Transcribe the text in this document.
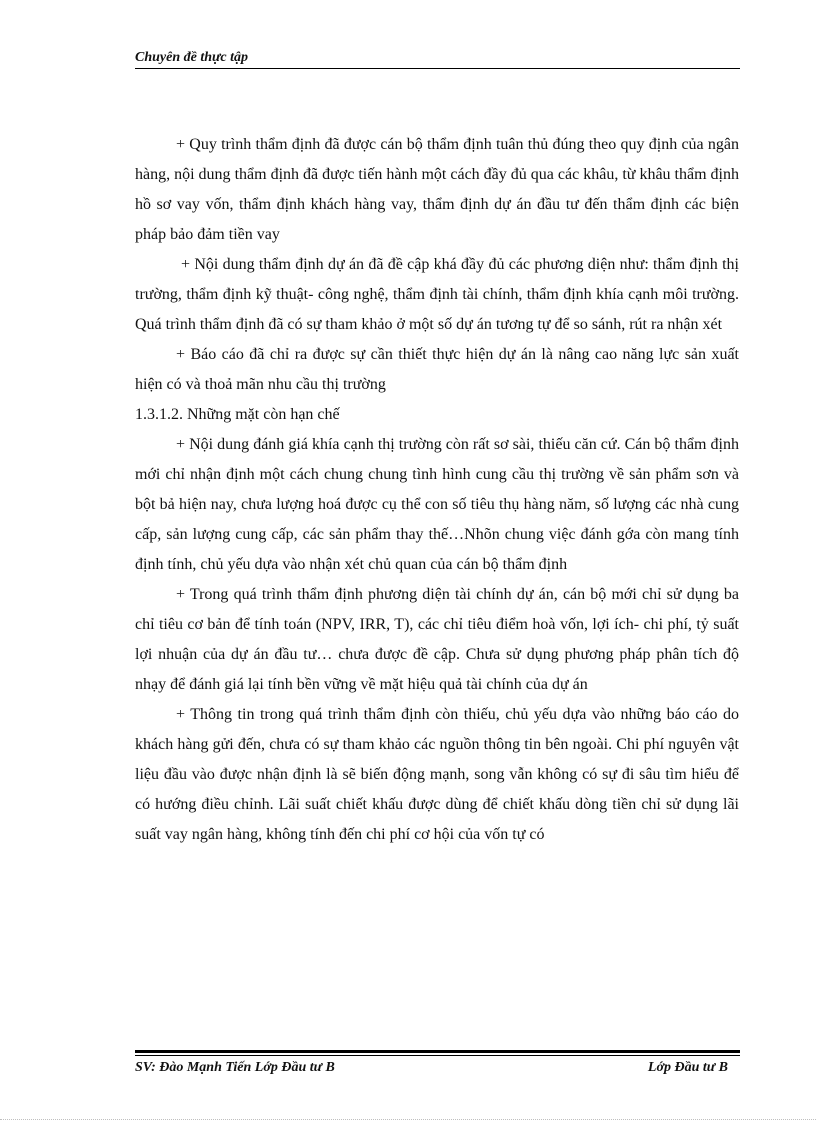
Chuyên đề thực tập

+ Quy trình thẩm định đã được cán bộ thẩm định tuân thủ đúng theo quy định của ngân hàng, nội dung thẩm định đã được tiến hành một cách đầy đủ qua các khâu, từ khâu thẩm định hồ sơ vay vốn, thẩm định khách hàng vay, thẩm định dự án đầu tư đến thẩm định các biện pháp bảo đảm tiền vay

+ Nội dung thẩm định dự án đã đề cập khá đầy đủ các phương diện như: thẩm định thị trường, thẩm định kỹ thuật- công nghệ, thẩm định tài chính, thẩm định khía cạnh môi trường. Quá trình thẩm định đã có sự tham khảo ở một số dự án tương tự để so sánh, rút ra nhận xét

+ Báo cáo đã chỉ ra được sự cần thiết thực hiện dự án là nâng cao năng lực sản xuất hiện có và thoả mãn nhu cầu thị trường

1.3.1.2. Những mặt còn hạn chế

+ Nội dung đánh giá khía cạnh thị trường còn rất sơ sài, thiếu căn cứ. Cán bộ thẩm định mới chỉ nhận định một cách chung chung tình hình cung cầu thị trường về sản phẩm sơn và bột bả hiện nay, chưa lượng hoá được cụ thể con số tiêu thụ hàng năm, số lượng các nhà cung cấp, sản lượng cung cấp, các sản phẩm thay thế…Nhõn chung việc đánh gớa còn mang tính định tính, chủ yếu dựa vào nhận xét chủ quan của cán bộ thẩm định

+ Trong quá trình thẩm định phương diện tài chính dự án, cán bộ mới chỉ sử dụng ba chỉ tiêu cơ bản để tính toán (NPV, IRR, T), các chỉ tiêu điểm hoà vốn, lợi ích- chi phí, tỷ suất lợi nhuận của dự án đầu tư… chưa được đề cập. Chưa sử dụng phương pháp phân tích độ nhạy để đánh giá lại tính bền vững về mặt hiệu quả tài chính của dự án

+ Thông tin trong quá trình thẩm định còn thiếu, chủ yếu dựa vào những báo cáo do khách hàng gửi đến, chưa có sự tham khảo các nguồn thông tin bên ngoài. Chi phí nguyên vật liệu đầu vào được nhận định là sẽ biến động mạnh, song vẫn không có sự đi sâu tìm hiểu để có hướng điều chỉnh. Lãi suất chiết khấu được dùng để chiết khấu dòng tiền chỉ sử dụng lãi suất vay ngân hàng, không tính đến chi phí cơ hội của vốn tự có

SV: Đào Mạnh Tiến Lớp Đầu tư B	Lớp Đầu tư B
